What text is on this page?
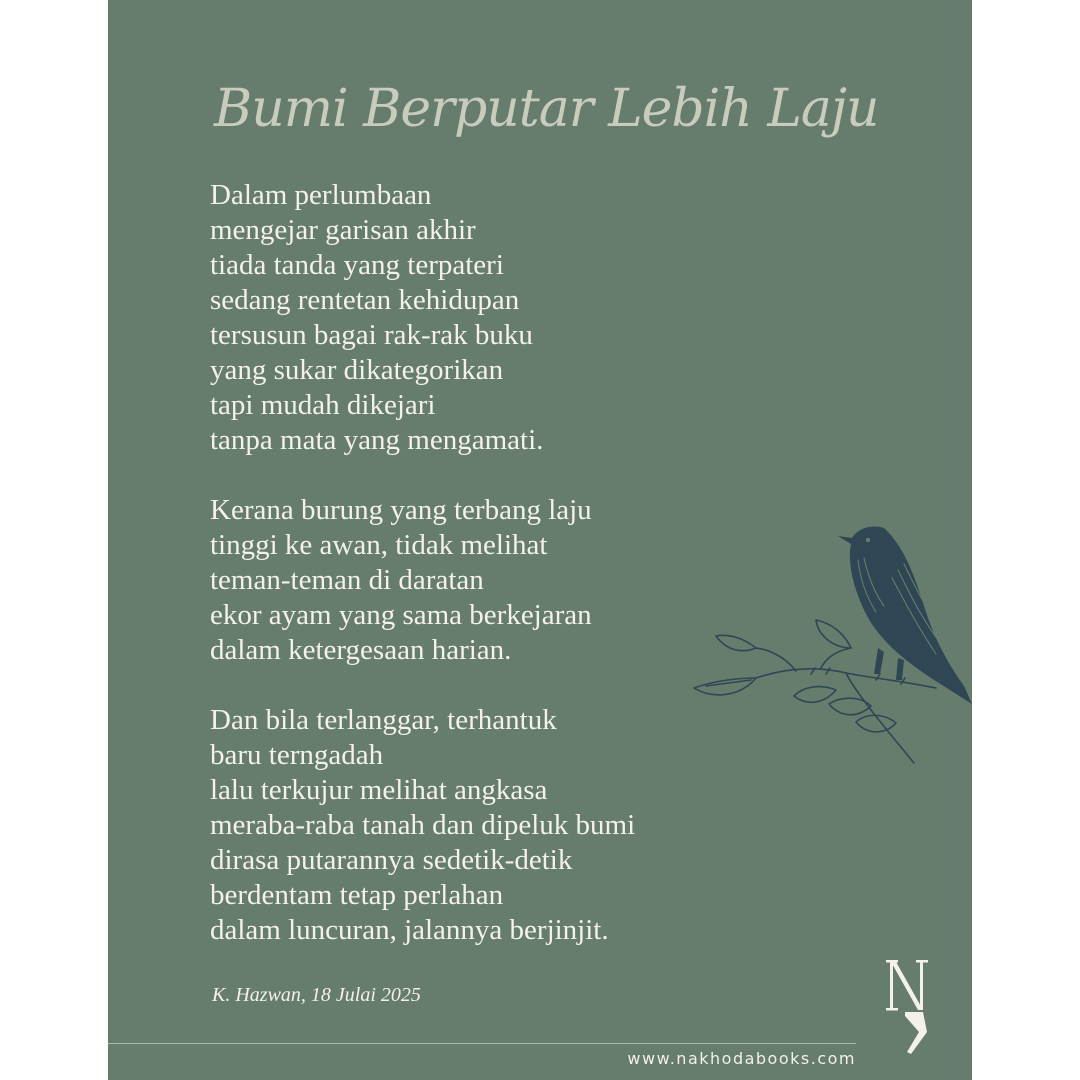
Bumi Berputar Lebih Laju

Dalam perlumbaan
mengejar garisan akhir
tiada tanda yang terpateri
sedang rentetan kehidupan
tersusun bagai rak-rak buku
yang sukar dikategorikan
tapi mudah dikejari
tanpa mata yang mengamati.

Kerana burung yang terbang laju
tinggi ke awan, tidak melihat
teman-teman di daratan
ekor ayam yang sama berkejaran
dalam ketergesaan harian.

Dan bila terlanggar, terhantuk
baru terngadah
lalu terkujur melihat angkasa
meraba-raba tanah dan dipeluk bumi
dirasa putarannya sedetik-detik
berdentam tetap perlahan
dalam luncuran, jalannya berjinjit.

K. Hazwan, 18 Julai 2025
www.nakhodabooks.com
